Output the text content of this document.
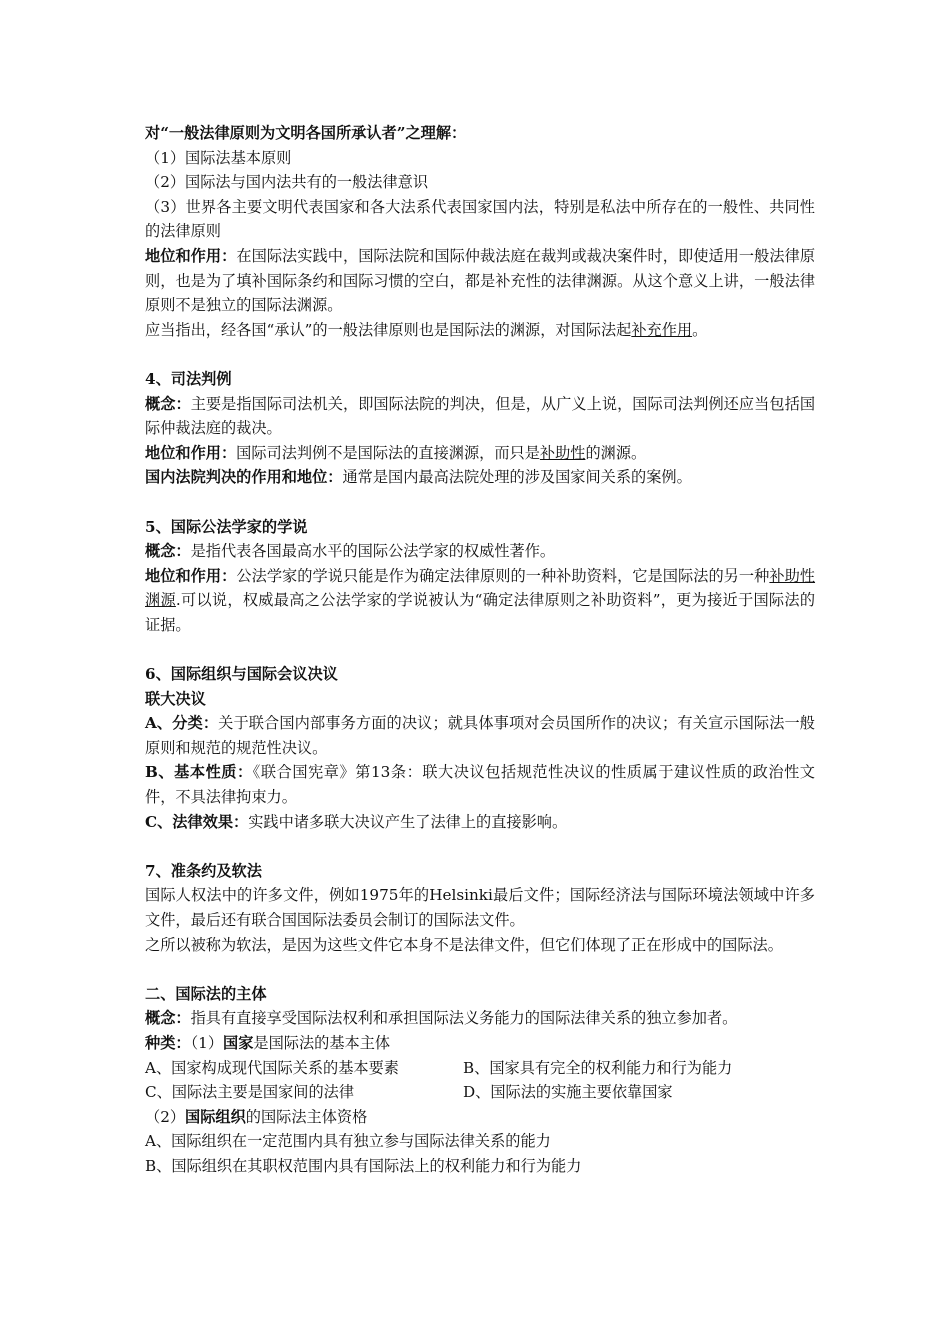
对“一般法律原则为文明各国所承认者”之理解：
（1）国际法基本原则
（2）国际法与国内法共有的一般法律意识
（3）世界各主要文明代表国家和各大法系代表国家国内法，特别是私法中所存在的一般性、共同性的法律原则
地位和作用：在国际法实践中，国际法院和国际仲裁法庭在裁判或裁决案件时，即使适用一般法律原则，也是为了填补国际条约和国际习惯的空白，都是补充性的法律渊源。从这个意义上讲，一般法律原则不是独立的国际法渊源。
应当指出，经各国“承认”的一般法律原则也是国际法的渊源，对国际法起补充作用。
4、司法判例
概念：主要是指国际司法机关，即国际法院的判决，但是，从广义上说，国际司法判例还应当包括国际仲裁法庭的裁决。
地位和作用：国际司法判例不是国际法的直接渊源，而只是补助性的渊源。
国内法院判决的作用和地位：通常是国内最高法院处理的涉及国家间关系的案例。
5、国际公法学家的学说
概念：是指代表各国最高水平的国际公法学家的权威性著作。
地位和作用：公法学家的学说只能是作为确定法律原则的一种补助资料，它是国际法的另一种补助性渊源.可以说，权威最高之公法学家的学说被认为“确定法律原则之补助资料”，更为接近于国际法的证据。
6、国际组织与国际会议决议
联大决议
A、分类：关于联合国内部事务方面的决议；就具体事项对会员国所作的决议；有关宣示国际法一般原则和规范的规范性决议。
B、基本性质：《联合国宪章》第13条：联大决议包括规范性决议的性质属于建议性质的政治性文件，不具法律拘束力。
C、法律效果：实践中诸多联大决议产生了法律上的直接影响。
7、准条约及软法
国际人权法中的许多文件，例如1975年的Helsinki最后文件；国际经济法与国际环境法领域中许多文件，最后还有联合国国际法委员会制订的国际法文件。
之所以被称为软法，是因为这些文件它本身不是法律文件，但它们体现了正在形成中的国际法。
二、国际法的主体
概念：指具有直接享受国际法权利和承担国际法义务能力的国际法律关系的独立参加者。
种类：（1）国家是国际法的基本主体
A、国家构成现代国际关系的基本要素	B、国家具有完全的权利能力和行为能力
C、国际法主要是国家间的法律	D、国际法的实施主要依靠国家
（2）国际组织的国际法主体资格
A、国际组织在一定范围内具有独立参与国际法律关系的能力
B、国际组织在其职权范围内具有国际法上的权利能力和行为能力
